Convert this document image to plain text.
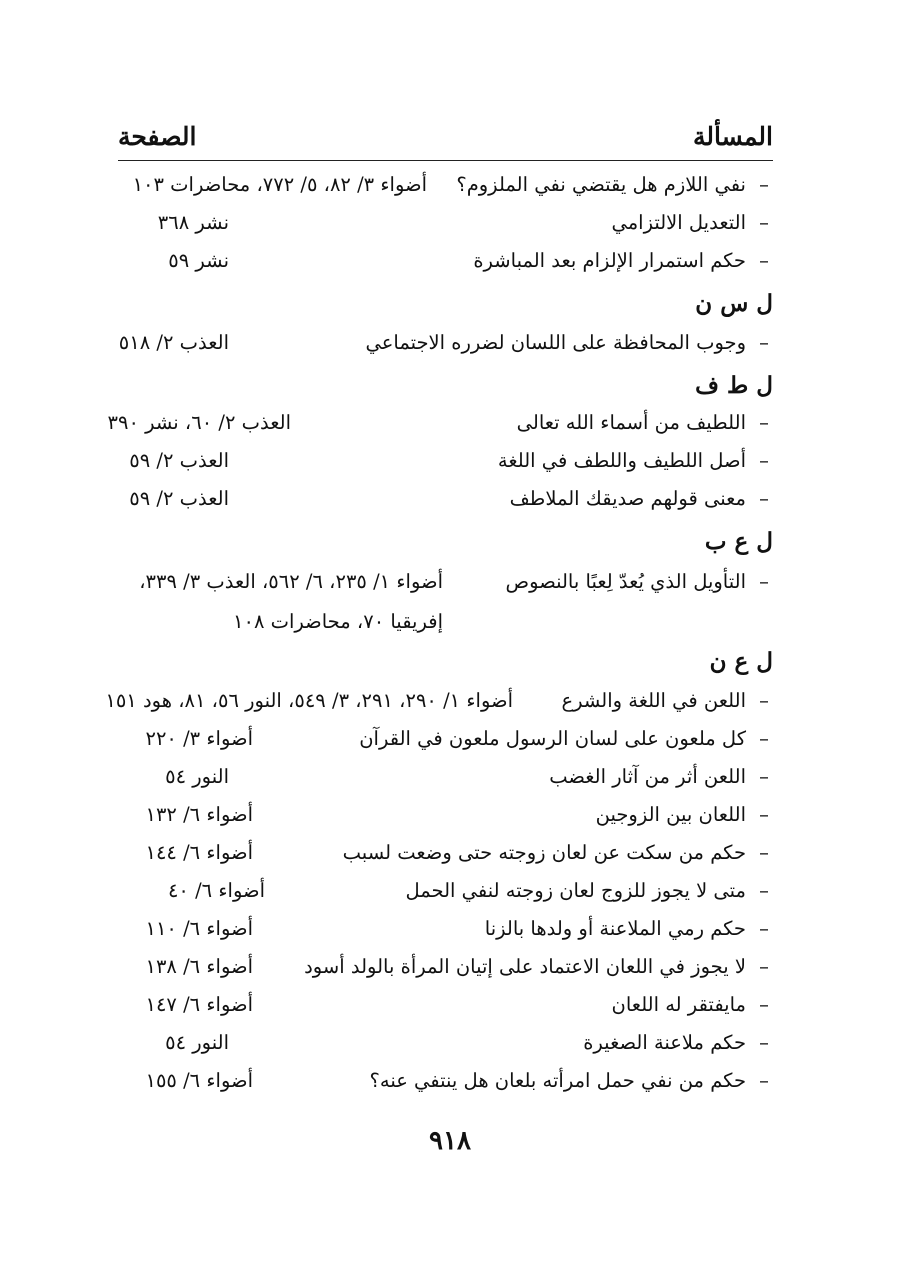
المسألة
الصفحة
–
نفي اللازم هل يقتضي نفي الملزوم؟
أضواء ٣/ ٨٢، ٥/ ٧٧٢، محاضرات ١٠٣
–
التعديل الالتزامي
نشر ٣٦٨
–
حكم استمرار الإلزام بعد المباشرة
نشر ٥٩
ل س ن
–
وجوب المحافظة على اللسان لضرره الاجتماعي
العذب ٢/ ٥١٨
ل ط ف
–
اللطيف من أسماء الله تعالى
العذب ٢/ ٦٠، نشر ٣٩٠
–
أصل اللطيف واللطف في اللغة
العذب ٢/ ٥٩
–
معنى قولهم صديقك الملاطف
العذب ٢/ ٥٩
ل ع ب
–
التأويل الذي يُعدّ لِعبًا بالنصوص
أضواء ١/ ٢٣٥، ٦/ ٥٦٢، العذب ٣/ ٣٣٩،
إفريقيا ٧٠، محاضرات ١٠٨
ل ع ن
–
اللعن في اللغة والشرع
أضواء ١/ ٢٩٠، ٢٩١، ٣/ ٥٤٩، النور ٥٦، ٨١، هود ١٥١
–
كل ملعون على لسان الرسول ملعون في القرآن
أضواء ٣/ ٢٢٠
–
اللعن أثر من آثار الغضب
النور ٥٤
–
اللعان بين الزوجين
أضواء ٦/ ١٣٢
–
حكم من سكت عن لعان زوجته حتى وضعت لسبب
أضواء ٦/ ١٤٤
–
متى لا يجوز للزوج لعان زوجته لنفي الحمل
أضواء ٦/ ٤٠
–
حكم رمي الملاعنة أو ولدها بالزنا
أضواء ٦/ ١١٠
–
لا يجوز في اللعان الاعتماد على إتيان المرأة بالولد أسود
أضواء ٦/ ١٣٨
–
مايفتقر له اللعان
أضواء ٦/ ١٤٧
–
حكم ملاعنة الصغيرة
النور ٥٤
–
حكم من نفي حمل امرأته بلعان هل ينتفي عنه؟
أضواء ٦/ ١٥٥
٩١٨
